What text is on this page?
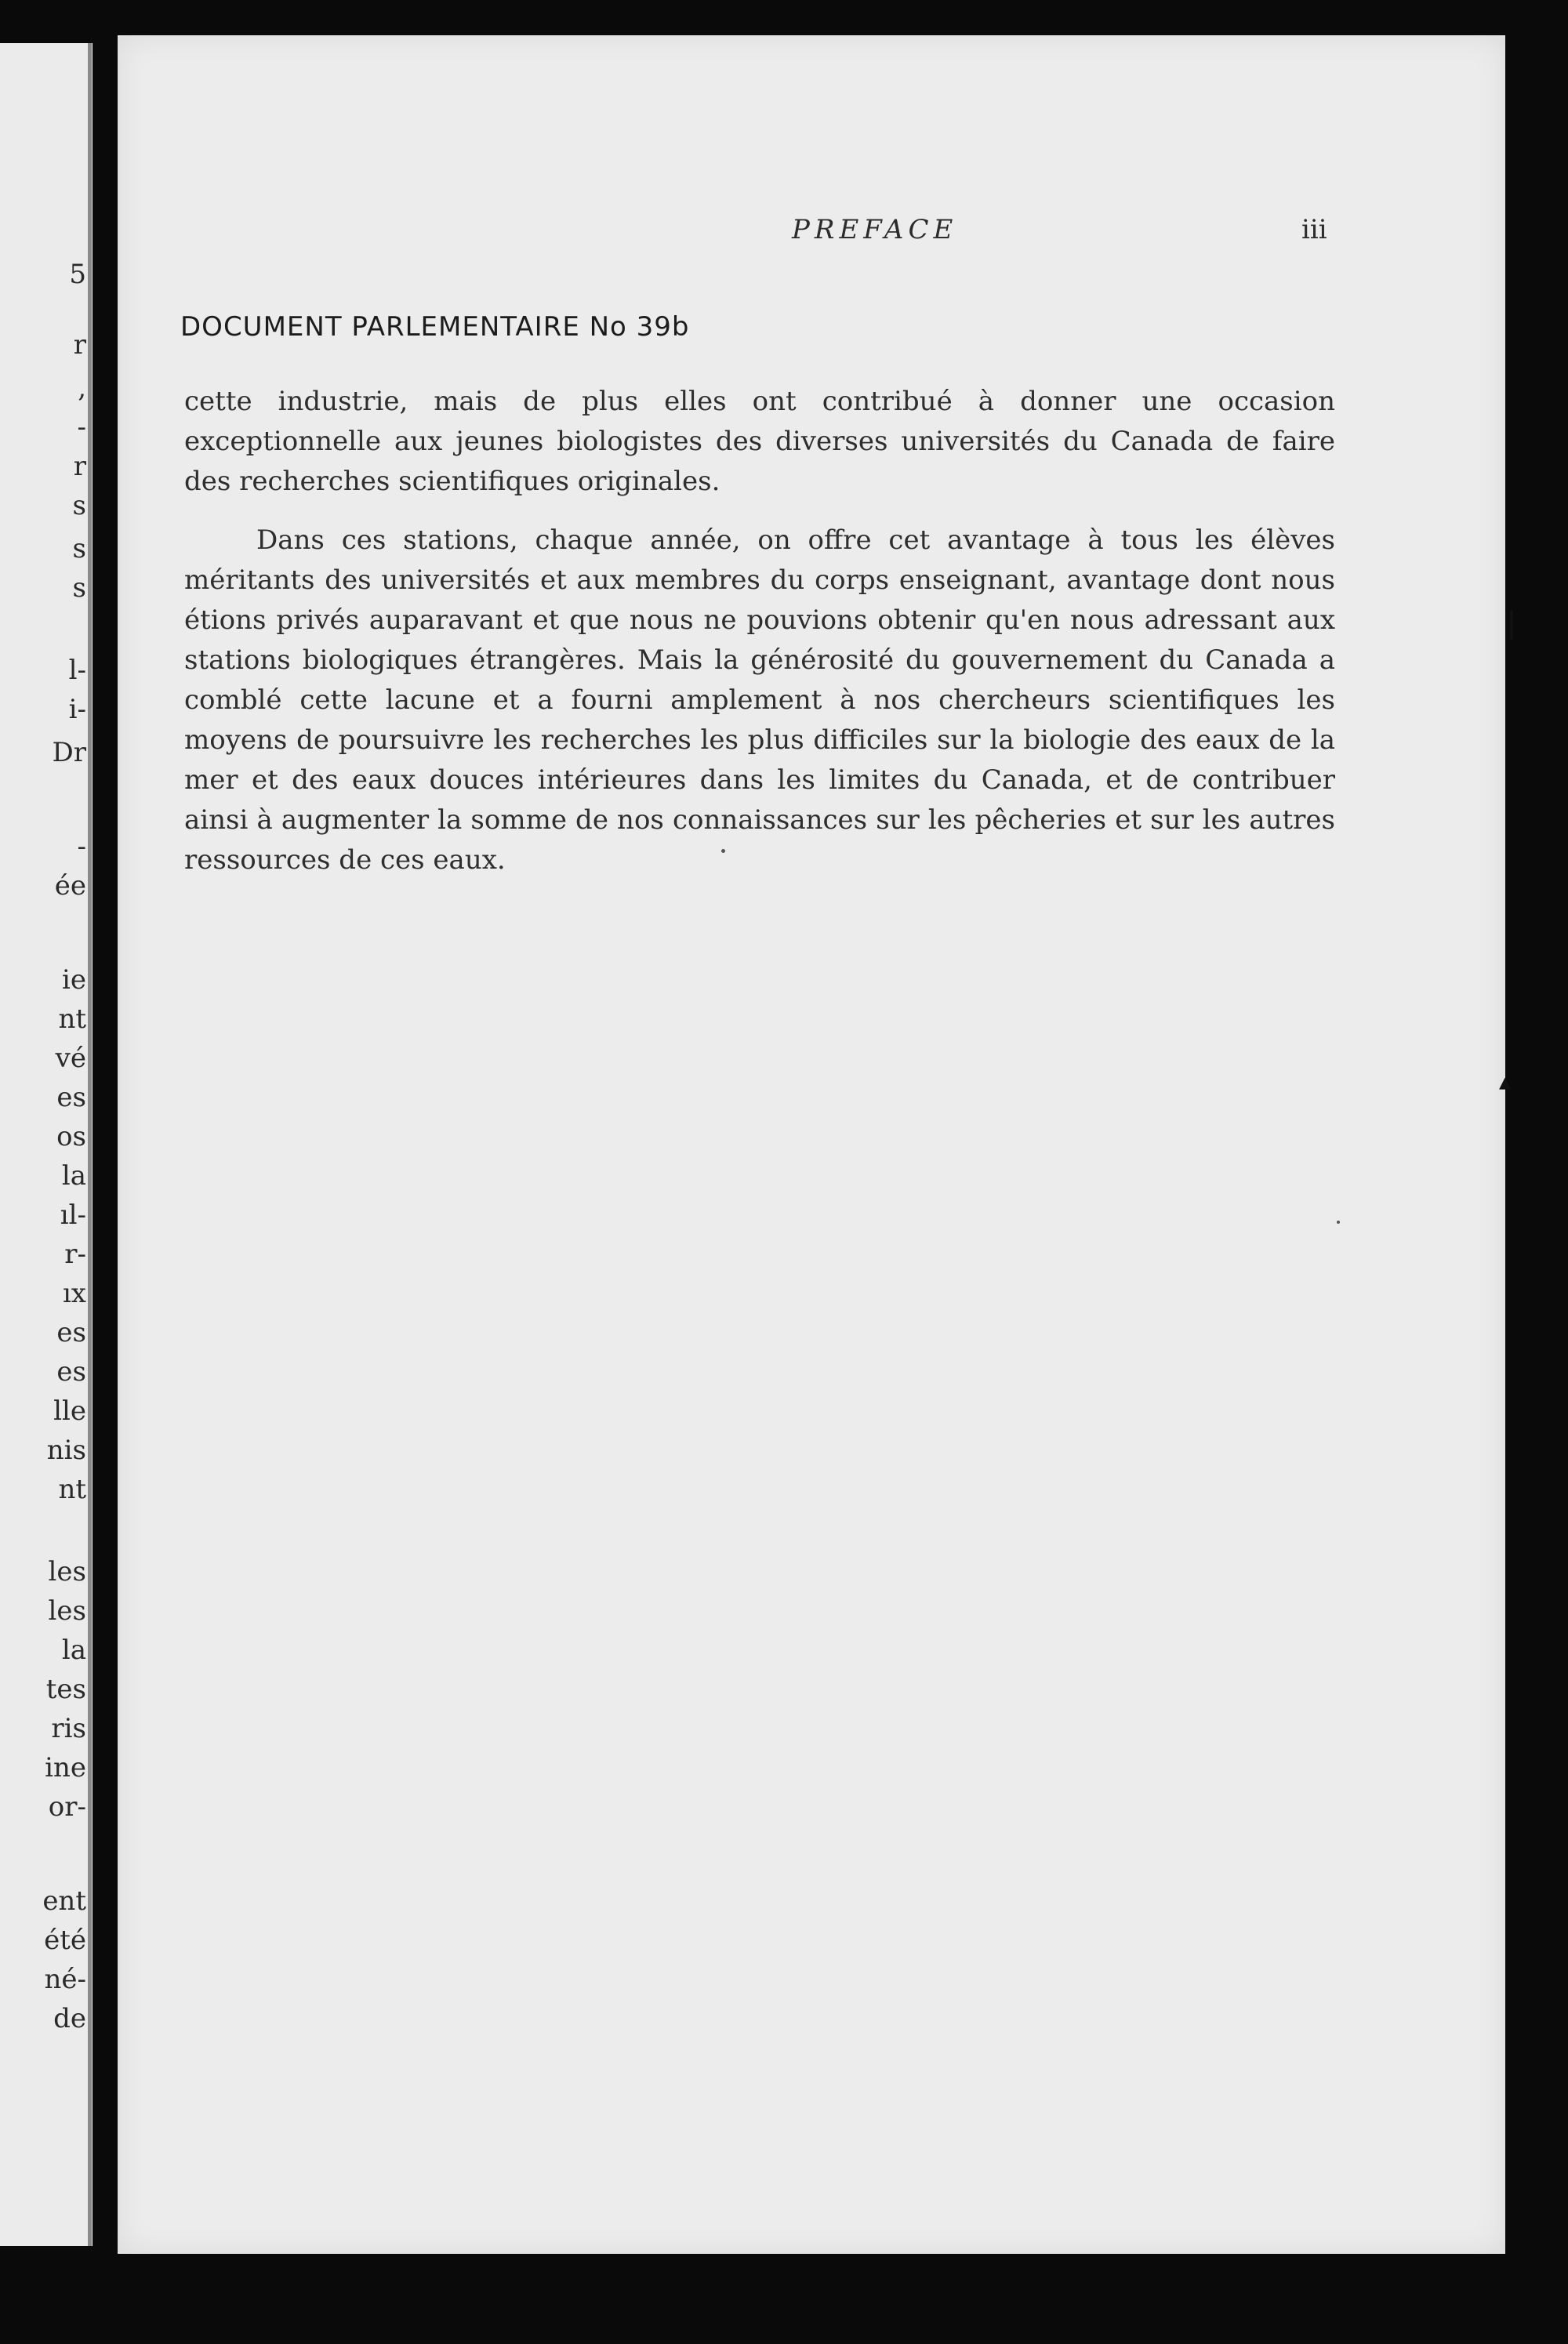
5
r
,
-
r
s
s
s
l-
i-
Dr
-
ée
ie
nt
vé
es
os
la
ıl-
r-
ıx
es
es
lle
nis
nt
les
les
la
tes
ris
ine
or-
ent
été
né-
de
PREFACE	iii
DOCUMENT PARLEMENTAIRE No 39b

cette industrie, mais de plus elles ont contribué à donner une occasion exceptionnelle aux jeunes biologistes des diverses universités du Canada de faire des recherches scientifiques originales.

Dans ces stations, chaque année, on offre cet avantage à tous les élèves méritants des universités et aux membres du corps enseignant, avantage dont nous étions privés auparavant et que nous ne pouvions obtenir qu'en nous adressant aux stations biologiques étrangères. Mais la générosité du gouvernement du Canada a comblé cette lacune et a fourni amplement à nos chercheurs scientifiques les moyens de poursuivre les recherches les plus difficiles sur la biologie des eaux de la mer et des eaux douces intérieures dans les limites du Canada, et de contribuer ainsi à augmenter la somme de nos connaissances sur les pêcheries et sur les autres ressources de ces eaux.

ꟾ
▴
